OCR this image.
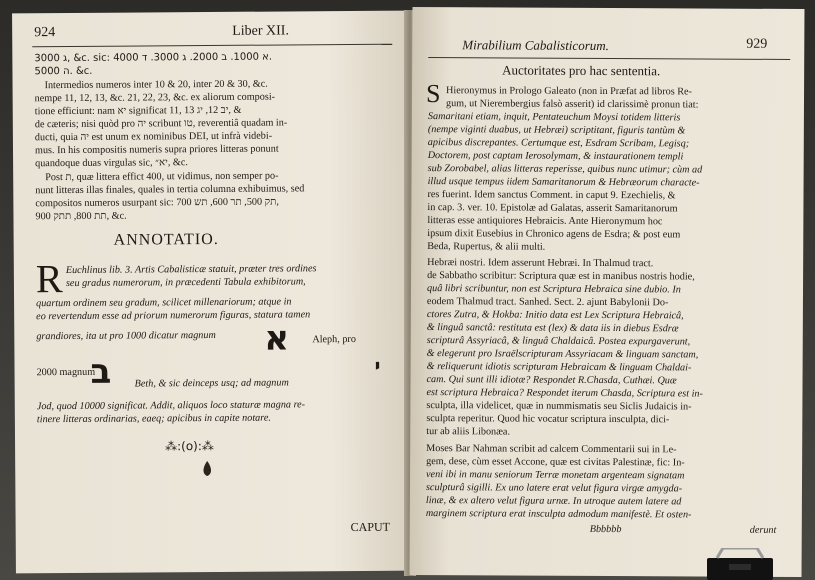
924	Liber XII.
ג 3000, &c. sic: א 1000. ב 2000. ג 3000. ד 4000.
ה 5000. &c.
Intermedios numeros inter 10 & 20, inter 20 & 30, &c.
nempe 11, 12, 13, &c. 21, 22, 23, &c. ex aliorum composi-
tione efficiunt: nam יא significat 11, יב 12, יג 13, &
de cæteris; nisi quòd pro יה scribunt טו, reverentiâ quadam in-
ducti, quia יה est unum ex nominibus DEI, ut infrà videbi-
mus. In his compositis numeris supra priores litteras ponunt
quandoque duas virgulas sic, יא״, &c.
Post ת, quæ littera effict 400, ut vidimus, non semper po-
nunt litteras illas finales, quales in tertia columna exhibuimus, sed
compositos numeros usurpant sic: תק 500, תר 600, תש 700,
תת 800, תתק 900, &c.
ANNOTATIO.
R Euchlinus lib. 3. Artis Cabalisticæ statuit, præter tres ordines
seu gradus numerorum, in præcedenti Tabula exhibitorum,
quartum ordinem seu gradum, scilicet millenariorum; atque in
eo revertendum esse ad priorum numerorum figuras, statura tamen
grandiores, ita ut pro 1000 dicatur magnum א Aleph, pro
2000 magnum
ב Beth, & sic deinceps usq; ad magnum
י
Jod, quod 10000 significat. Addit, aliquos loco staturæ magna re-
tinere litteras ordinarias, eaeq; apicibus in capite notare.
⁂:(o):⁂
CAPUT
Mirabilium Cabalisticorum.	929
Auctoritates pro hac sententia.
S Hieronymus in Prologo Galeato (non in Præfat ad libros Re-
gum, ut Nierembergius falsò asserit) id clarissimè pronun tiat:
Samaritani etiam, inquit, Pentateuchum Moysi totidem litteris
(nempe viginti duabus, ut Hebræi) scriptitant, figuris tantùm &
apicibus discrepantes. Certumque est, Esdram Scribam, Legisq;
Doctorem, post captam Ierosolymam, & instaurationem templi
sub Zorobabel, alias litteras reperisse, quibus nunc utimur; cùm ad
illud usque tempus iidem Samaritanorum & Hebræorum characte-
res fuerint. Idem sanctus Comment. in caput 9. Ezechielis, &
in cap. 3. ver. 10. Epistolæ ad Galatas, asserit Samaritanorum
litteras esse antiquiores Hebraicis. Ante Hieronymum hoc
ipsum dixit Eusebius in Chronico agens de Esdra; & post eum
Beda, Rupertus, & alii multi.
Hebræi nostri. Idem asserunt Hebræi. In Thalmud tract.
de Sabbatho scribitur: Scriptura quæ est in manibus nostris hodie,
quâ libri scribuntur, non est Scriptura Hebraica sine dubio. In
eodem Thalmud tract. Sanhed. Sect. 2. ajunt Babylonii Do-
ctores Zutra, & Hokba: Initio data est Lex Scriptura Hebraicâ,
& linguâ sanctâ: restituta est (lex) & data iis in diebus Esdræ
scripturâ Assyriacâ, & linguâ Chaldaicâ. Postea expurgaverunt,
& elegerunt pro Israëlscripturam Assyriacam & linguam sanctam,
& reliquerunt idiotis scripturam Hebraicam & linguam Chaldai-
cam. Qui sunt illi idiotæ? Respondet R.Chasda, Cuthæi. Quæ
est scriptura Hebraica? Respondet iterum Chasda, Scriptura est in-
sculpta, illa videlicet, quæ in nummismatis seu Siclis Judaicis in-
sculpta reperitur. Quod hic vocatur scriptura insculpta, dici-
tur ab aliis Libonæa.
Moses Bar Nahman scribit ad calcem Commentarii sui in Le-
gem, dese, cùm esset Accone, quæ est civitas Palestinæ, fic: In-
veni ibi in manu seniorum Terræ monetam argenteam signatam
sculpturâ sigilli. Ex uno latere erat velut figura virgæ amygda-
linæ, & ex altero velut figura urnæ. In utroque autem latere ad
marginem scriptura erat insculpta admodum manifestè. Et osten-
Bbbbbb	derunt
